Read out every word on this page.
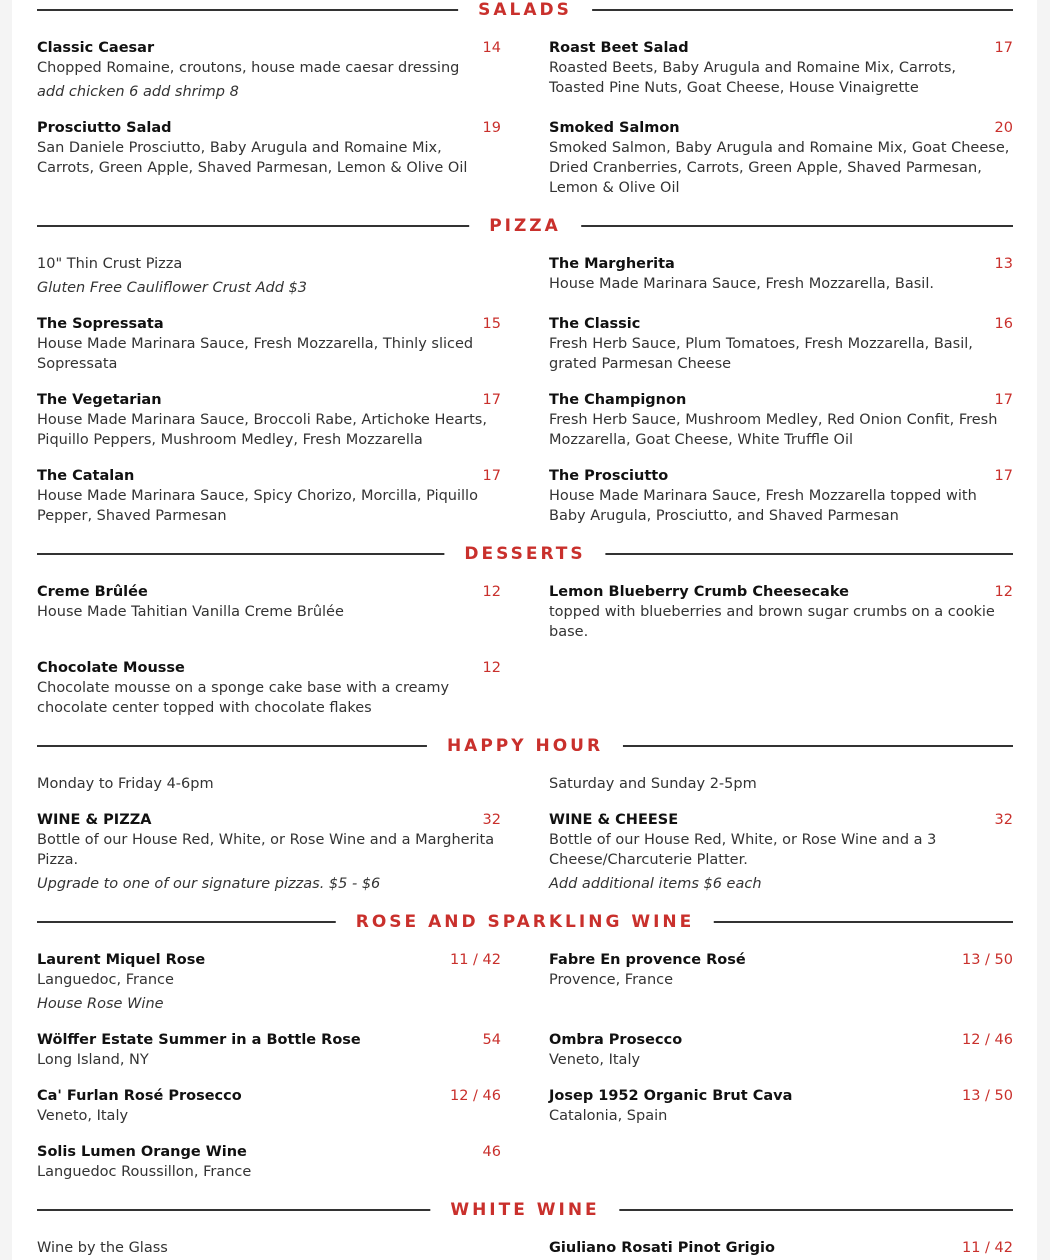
SALADS
Classic Caesar	14
Chopped Romaine, croutons, house made caesar dressing
add chicken 6 add shrimp 8
Roast Beet Salad	17
Roasted Beets, Baby Arugula and Romaine Mix, Carrots, Toasted Pine Nuts, Goat Cheese, House Vinaigrette
Prosciutto Salad	19
San Daniele Prosciutto, Baby Arugula and Romaine Mix, Carrots, Green Apple, Shaved Parmesan, Lemon & Olive Oil
Smoked Salmon	20
Smoked Salmon, Baby Arugula and Romaine Mix, Goat Cheese, Dried Cranberries, Carrots, Green Apple, Shaved Parmesan, Lemon & Olive Oil
PIZZA
10" Thin Crust Pizza
Gluten Free Cauliflower Crust Add $3
The Margherita	13
House Made Marinara Sauce, Fresh Mozzarella, Basil.
The Sopressata	15
House Made Marinara Sauce, Fresh Mozzarella, Thinly sliced Sopressata
The Classic	16
Fresh Herb Sauce, Plum Tomatoes, Fresh Mozzarella, Basil, grated Parmesan Cheese
The Vegetarian	17
House Made Marinara Sauce, Broccoli Rabe, Artichoke Hearts, Piquillo Peppers, Mushroom Medley, Fresh Mozzarella
The Champignon	17
Fresh Herb Sauce, Mushroom Medley, Red Onion Confit, Fresh Mozzarella, Goat Cheese, White Truffle Oil
The Catalan	17
House Made Marinara Sauce, Spicy Chorizo, Morcilla, Piquillo Pepper, Shaved Parmesan
The Prosciutto	17
House Made Marinara Sauce, Fresh Mozzarella topped with Baby Arugula, Prosciutto, and Shaved Parmesan
DESSERTS
Creme Brûlée	12
House Made Tahitian Vanilla Creme Brûlée
Lemon Blueberry Crumb Cheesecake	12
topped with blueberries and brown sugar crumbs on a cookie base.
Chocolate Mousse	12
Chocolate mousse on a sponge cake base with a creamy chocolate center topped with chocolate flakes
HAPPY HOUR
Monday to Friday 4-6pm	Saturday and Sunday 2-5pm
WINE & PIZZA	32
Bottle of our House Red, White, or Rose Wine and a Margherita Pizza.
Upgrade to one of our signature pizzas. $5 - $6
WINE & CHEESE	32
Bottle of our House Red, White, or Rose Wine and a 3 Cheese/Charcuterie Platter.
Add additional items $6 each
ROSE AND SPARKLING WINE
Laurent Miquel Rose	11 / 42
Languedoc, France
House Rose Wine
Fabre En provence Rosé	13 / 50
Provence, France
Wölffer Estate Summer in a Bottle Rose	54
Long Island, NY
Ombra Prosecco	12 / 46
Veneto, Italy
Ca' Furlan Rosé Prosecco	12 / 46
Veneto, Italy
Josep 1952 Organic Brut Cava	13 / 50
Catalonia, Spain
Solis Lumen Orange Wine	46
Languedoc Roussillon, France
WHITE WINE
Wine by the Glass	Giuliano Rosati Pinot Grigio	11 / 42
